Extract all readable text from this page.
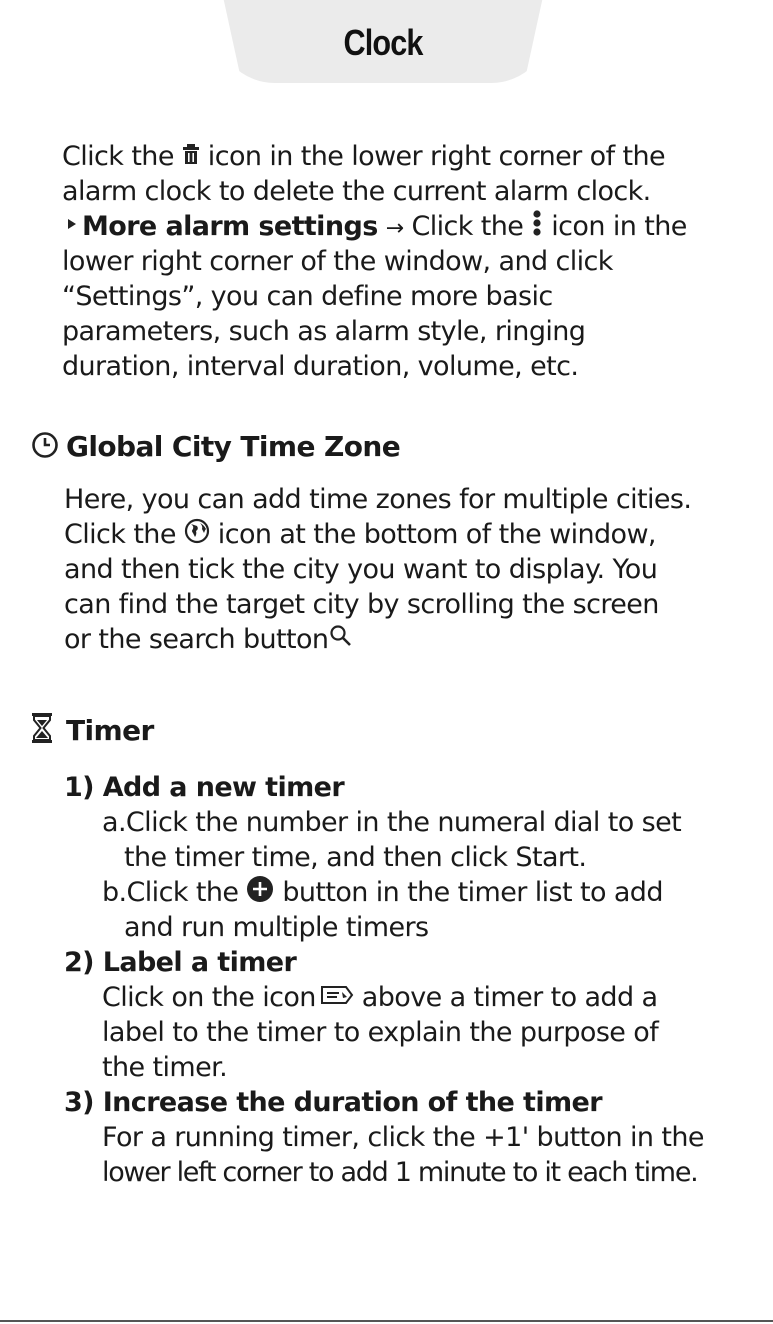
Clock
Click the  icon in the lower right corner of the
alarm clock to delete the current alarm clock.
More alarm settings → Click the  icon in the
lower right corner of the window, and click
“Settings”, you can define more basic
parameters, such as alarm style, ringing
duration, interval duration, volume, etc.
Global City Time Zone
Here, you can add time zones for multiple cities.
Click the  icon at the bottom of the window,
and then tick the city you want to display. You
can find the target city by scrolling the screen
or the search button
Timer
1) Add a new timer
a.Click the number in the numeral dial to set
the timer time, and then click Start.
b.Click the  button in the timer list to add
and run multiple timers
2) Label a timer
Click on the icon above a timer to add a
label to the timer to explain the purpose of
the timer.
3) Increase the duration of the timer
For a running timer, click the +1' button in the
lower left corner to add 1 minute to it each time.
